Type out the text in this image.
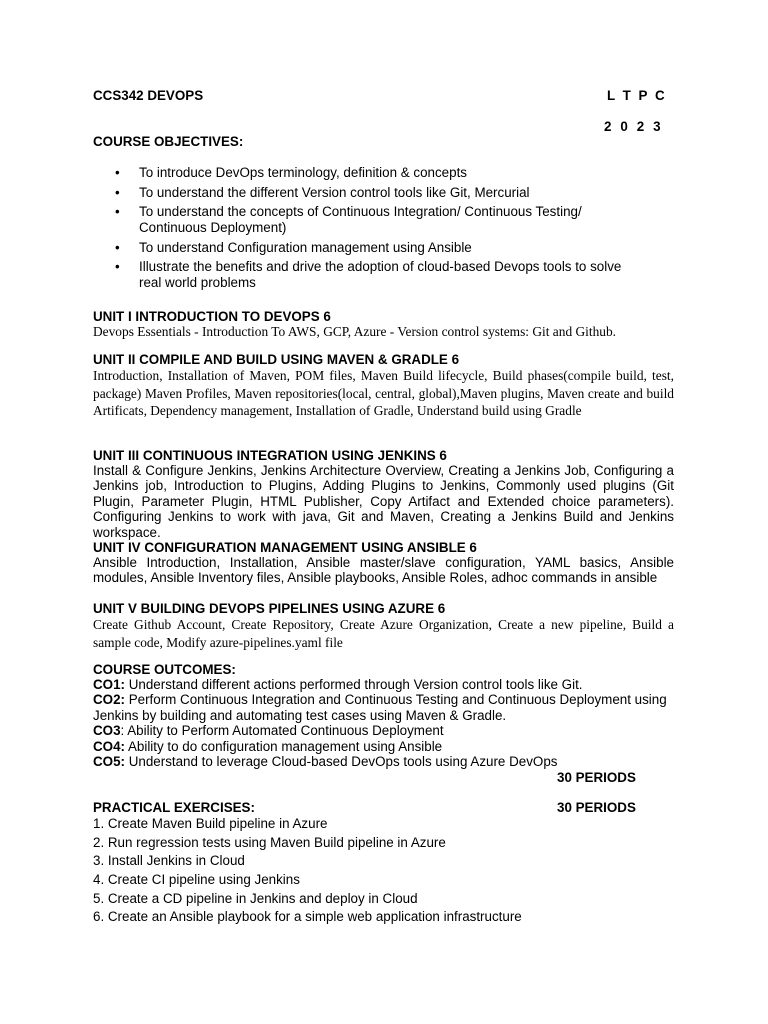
CCS342 DEVOPS	L T P C
2 0 2 3
COURSE OBJECTIVES:
• To introduce DevOps terminology, definition & concepts
• To understand the different Version control tools like Git, Mercurial
• To understand the concepts of Continuous Integration/ Continuous Testing/
Continuous Deployment)
• To understand Configuration management using Ansible
• Illustrate the benefits and drive the adoption of cloud-based Devops tools to solve
real world problems
UNIT I INTRODUCTION TO DEVOPS 6
Devops Essentials - Introduction To AWS, GCP, Azure - Version control systems: Git and Github.
UNIT II COMPILE AND BUILD USING MAVEN & GRADLE 6
Introduction, Installation of Maven, POM files, Maven Build lifecycle, Build phases(compile build, test, package) Maven Profiles, Maven repositories(local, central, global),Maven plugins, Maven create and build Artificats, Dependency management, Installation of Gradle, Understand build using Gradle
UNIT III CONTINUOUS INTEGRATION USING JENKINS 6
Install & Configure Jenkins, Jenkins Architecture Overview, Creating a Jenkins Job, Configuring a Jenkins job, Introduction to Plugins, Adding Plugins to Jenkins, Commonly used plugins (Git Plugin, Parameter Plugin, HTML Publisher, Copy Artifact and Extended choice parameters). Configuring Jenkins to work with java, Git and Maven, Creating a Jenkins Build and Jenkins workspace.
UNIT IV CONFIGURATION MANAGEMENT USING ANSIBLE 6
Ansible Introduction, Installation, Ansible master/slave configuration, YAML basics, Ansible modules, Ansible Inventory files, Ansible playbooks, Ansible Roles, adhoc commands in ansible
UNIT V BUILDING DEVOPS PIPELINES USING AZURE 6
Create Github Account, Create Repository, Create Azure Organization, Create a new pipeline, Build a sample code, Modify azure-pipelines.yaml file
COURSE OUTCOMES:
CO1: Understand different actions performed through Version control tools like Git.
CO2: Perform Continuous Integration and Continuous Testing and Continuous Deployment using Jenkins by building and automating test cases using Maven & Gradle.
CO3: Ability to Perform Automated Continuous Deployment
CO4: Ability to do configuration management using Ansible
CO5: Understand to leverage Cloud-based DevOps tools using Azure DevOps
30 PERIODS
PRACTICAL EXERCISES:	30 PERIODS
1. Create Maven Build pipeline in Azure
2. Run regression tests using Maven Build pipeline in Azure
3. Install Jenkins in Cloud
4. Create CI pipeline using Jenkins
5. Create a CD pipeline in Jenkins and deploy in Cloud
6. Create an Ansible playbook for a simple web application infrastructure
